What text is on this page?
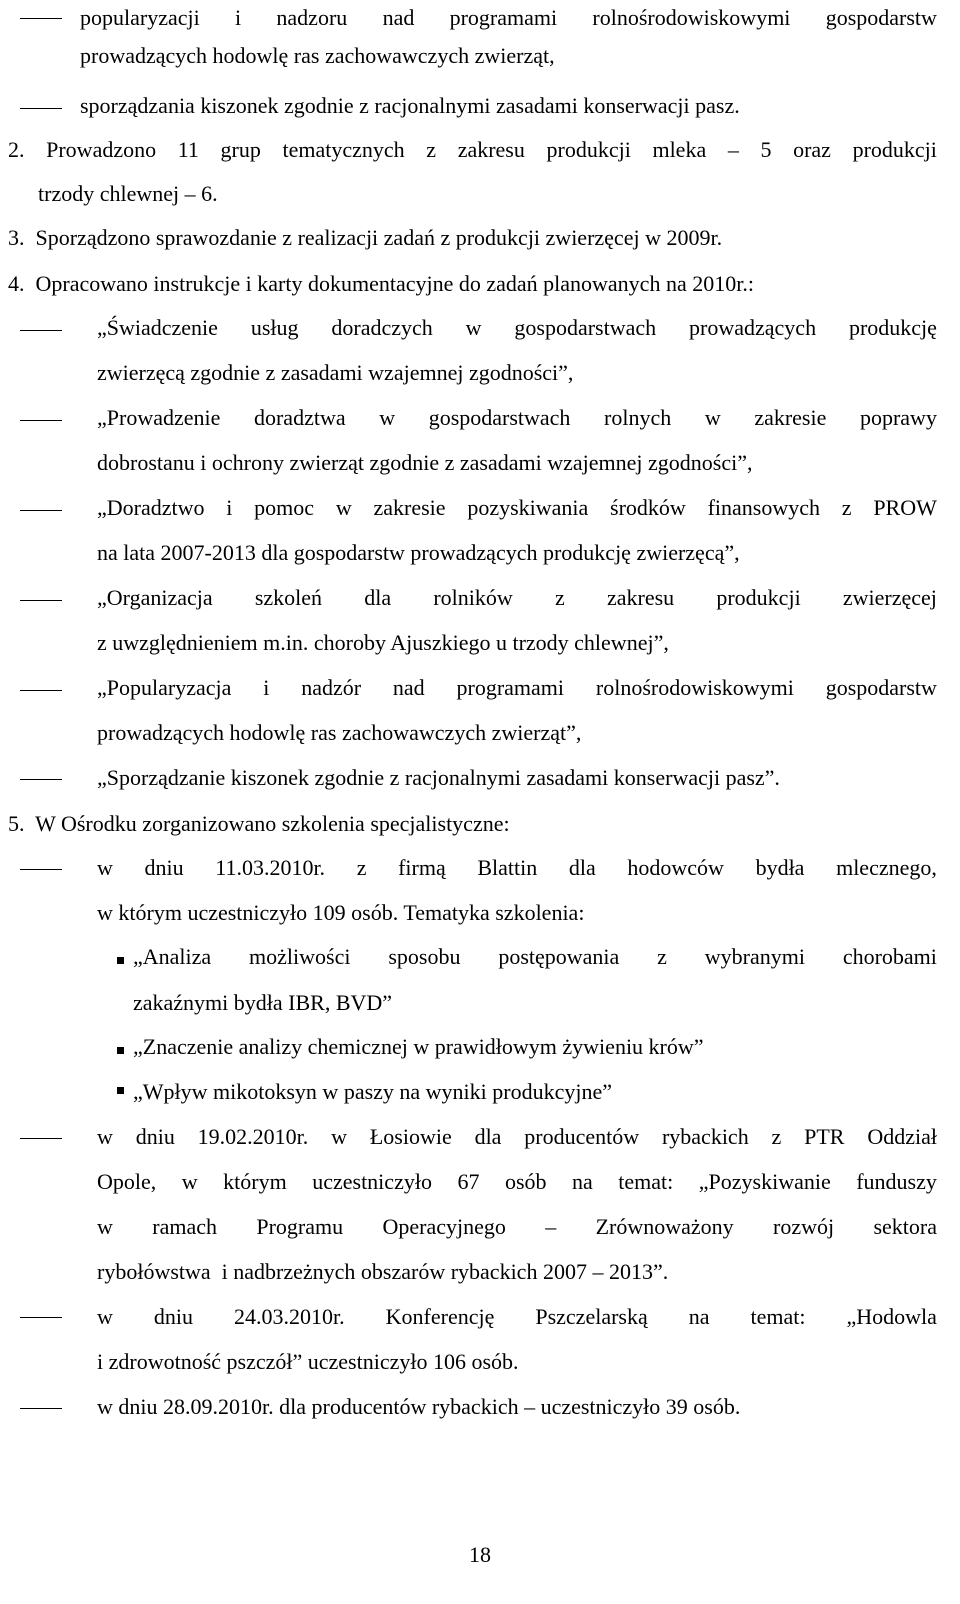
popularyzacji i nadzoru nad programami rolnośrodowiskowymi gospodarstw
prowadzących hodowlę ras zachowawczych zwierząt,
sporządzania kiszonek zgodnie z racjonalnymi zasadami konserwacji pasz.
2. Prowadzono 11 grup tematycznych z zakresu produkcji mleka – 5 oraz produkcji
trzody chlewnej – 6.
3.  Sporządzono sprawozdanie z realizacji zadań z produkcji zwierzęcej w 2009r.
4.  Opracowano instrukcje i karty dokumentacyjne do zadań planowanych na 2010r.:
„Świadczenie usług doradczych w gospodarstwach prowadzących produkcję
zwierzęcą zgodnie z zasadami wzajemnej zgodności”,
„Prowadzenie doradztwa w gospodarstwach rolnych w zakresie poprawy
dobrostanu i ochrony zwierząt zgodnie z zasadami wzajemnej zgodności”,
„Doradztwo i pomoc w zakresie pozyskiwania środków finansowych z PROW
na lata 2007-2013 dla gospodarstw prowadzących produkcję zwierzęcą”,
„Organizacja szkoleń dla rolników z zakresu produkcji zwierzęcej
z uwzględnieniem m.in. choroby Ajuszkiego u trzody chlewnej”,
„Popularyzacja i nadzór nad programami rolnośrodowiskowymi gospodarstw
prowadzących hodowlę ras zachowawczych zwierząt”,
„Sporządzanie kiszonek zgodnie z racjonalnymi zasadami konserwacji pasz”.
5.  W Ośrodku zorganizowano szkolenia specjalistyczne:
w dniu 11.03.2010r. z firmą Blattin dla hodowców bydła mlecznego,
w którym uczestniczyło 109 osób. Tematyka szkolenia:
„Analiza możliwości sposobu postępowania z wybranymi chorobami
zakaźnymi bydła IBR, BVD”
„Znaczenie analizy chemicznej w prawidłowym żywieniu krów”
„Wpływ mikotoksyn w paszy na wyniki produkcyjne”
w dniu 19.02.2010r. w Łosiowie dla producentów rybackich z PTR Oddział
Opole, w którym uczestniczyło 67 osób na temat: „Pozyskiwanie funduszy
w ramach Programu Operacyjnego – Zrównoważony rozwój sektora
rybołówstwa  i nadbrzeżnych obszarów rybackich 2007 – 2013”.
w dniu 24.03.2010r. Konferencję Pszczelarską na temat: „Hodowla
i zdrowotność pszczół” uczestniczyło 106 osób.
w dniu 28.09.2010r. dla producentów rybackich – uczestniczyło 39 osób.
18
